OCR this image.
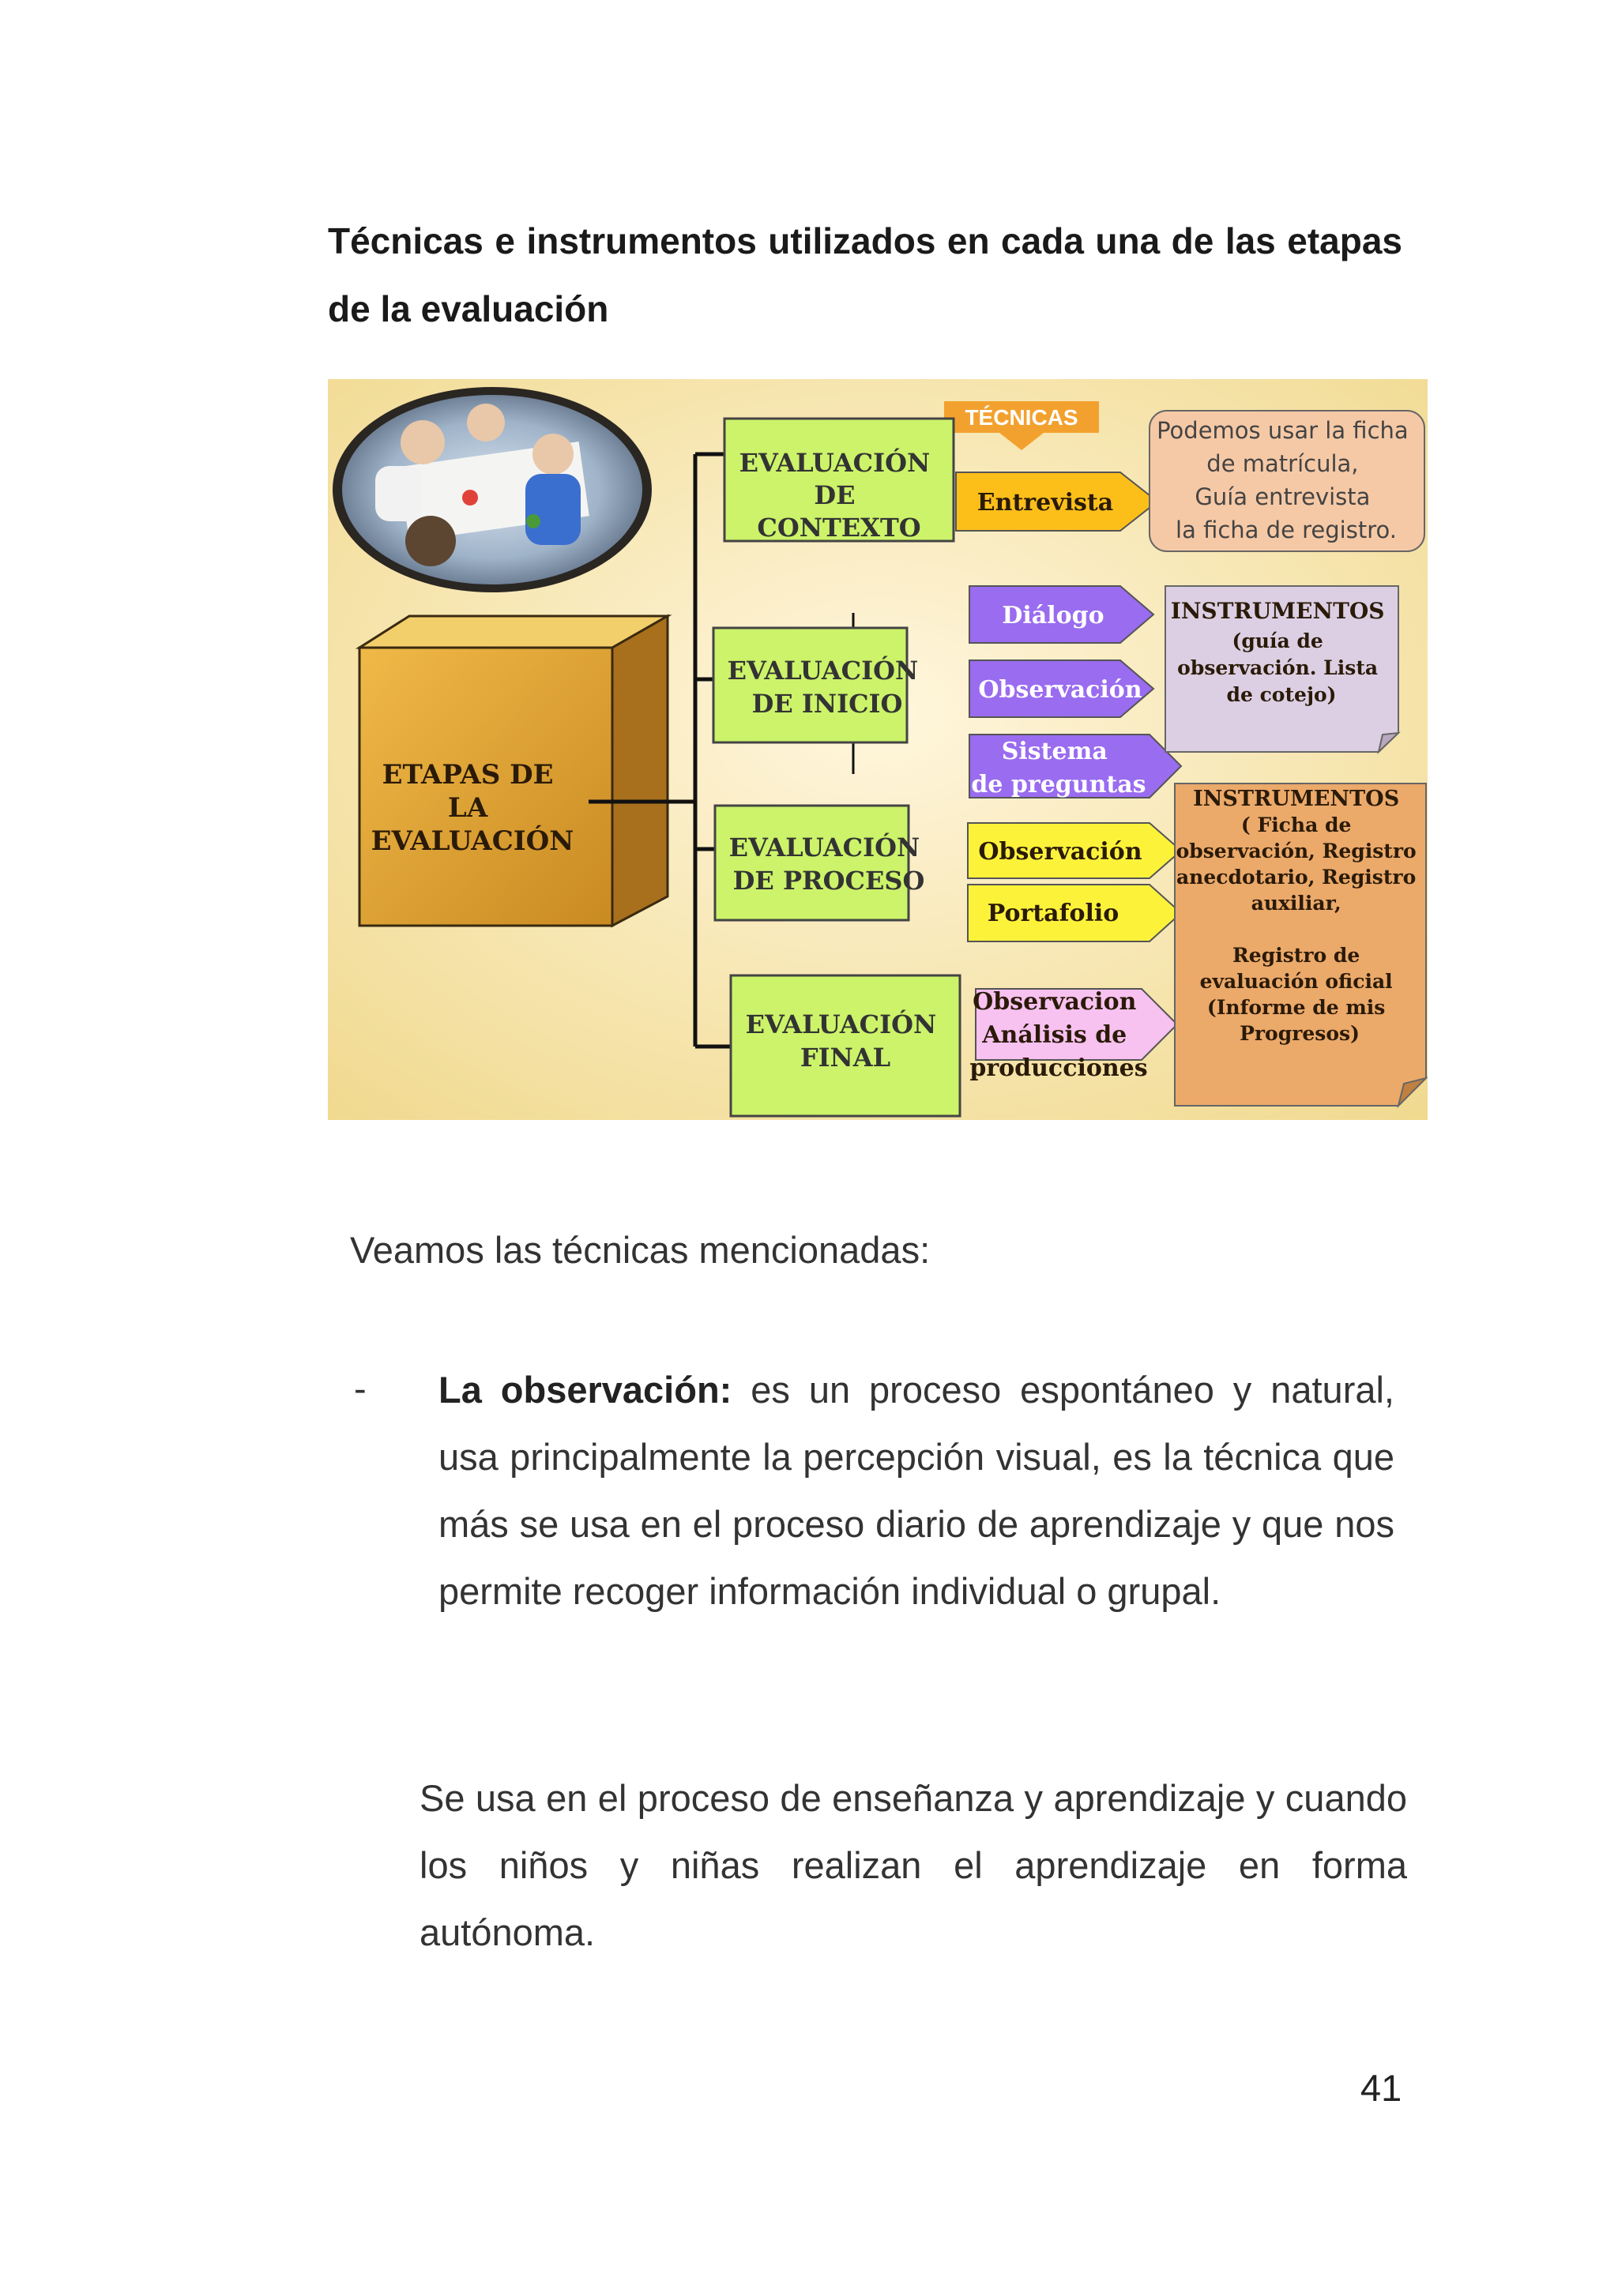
Técnicas e instrumentos utilizados en cada una de las etapas de la evaluación

ETAPAS DE LA EVALUACIÓN
TÉCNICAS
EVALUACIÓN DE CONTEXTO
EVALUACIÓN DE INICIO
EVALUACIÓN DE PROCESO
EVALUACIÓN FINAL
Entrevista
Diálogo
Observación
Sistema de preguntas
Observación
Portafolio
Observacion Análisis de producciones
Podemos usar la ficha de matrícula, Guía entrevista la ficha de registro.
INSTRUMENTOS (guía de observación. Lista de cotejo)
INSTRUMENTOS ( Ficha de observación, Registro anecdotario, Registro auxiliar, Registro de evaluación oficial (Informe de mis Progresos)

Veamos las técnicas mencionadas:

- La observación: es un proceso espontáneo y natural, usa principalmente la percepción visual, es la técnica que más se usa en el proceso diario de aprendizaje y que nos permite recoger información individual o grupal.

Se usa en el proceso de enseñanza y aprendizaje y cuando los niños y niñas realizan el aprendizaje en forma autónoma.

41
